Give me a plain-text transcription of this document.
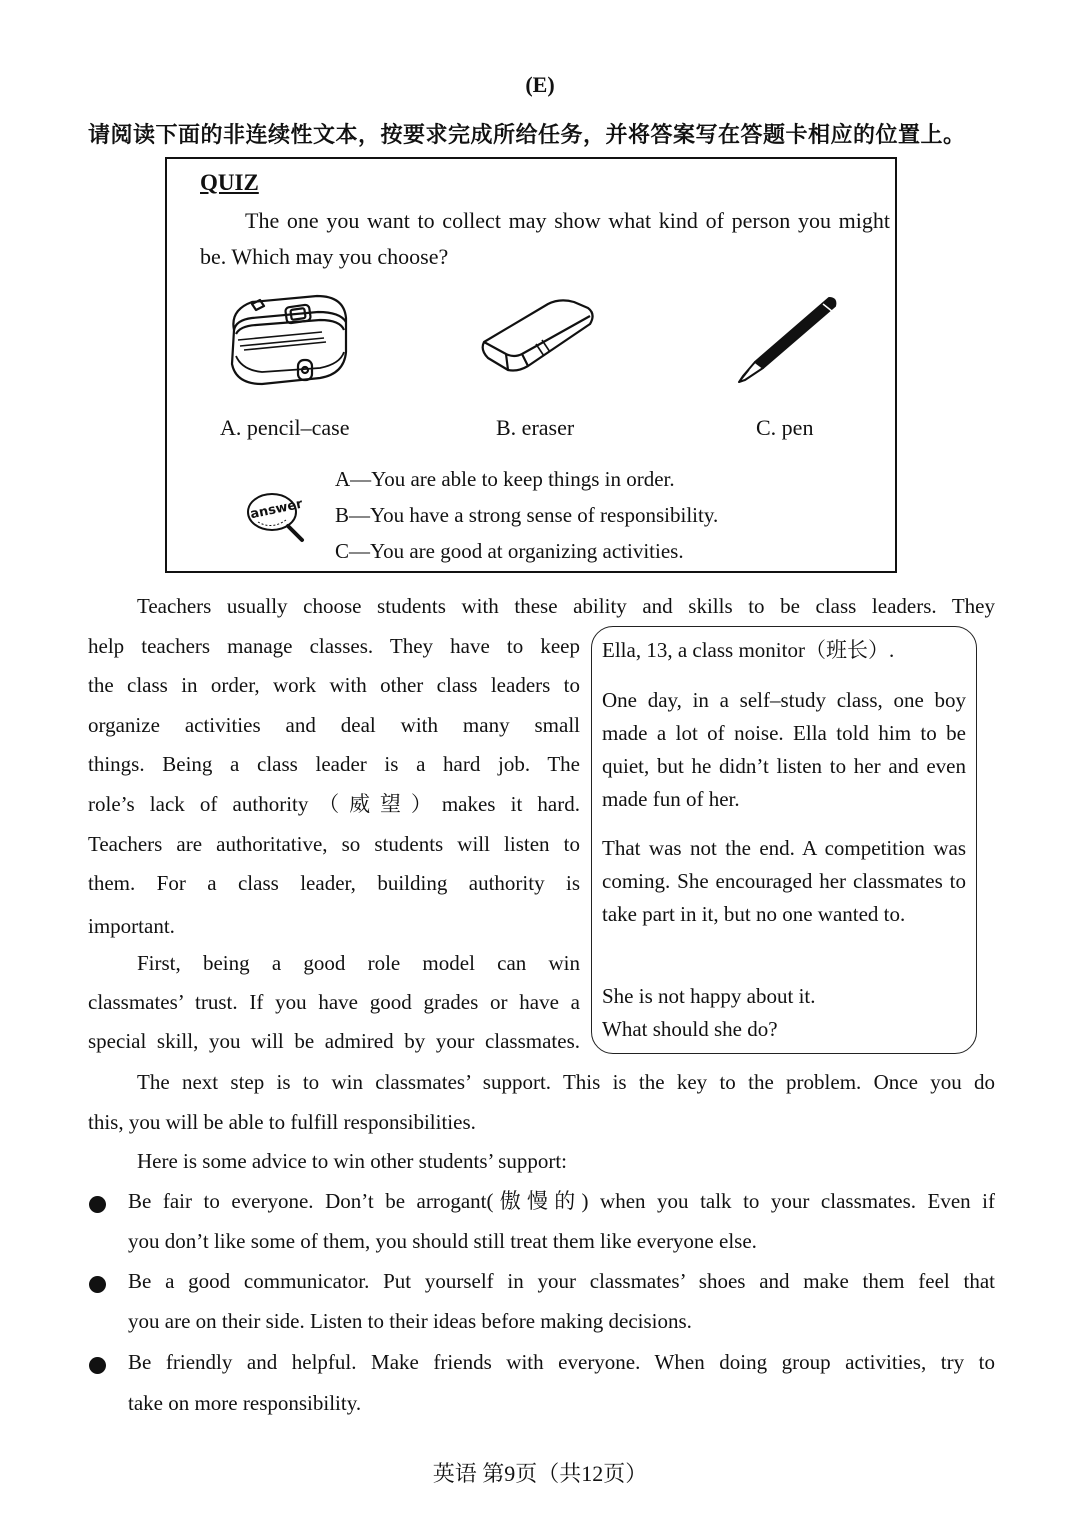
(E)
请阅读下面的非连续性文本，按要求完成所给任务，并将答案写在答题卡相应的位置上。
QUIZ
The one you want to collect may show what kind of person you might be. Which may you choose?
A. pencil–case	B. eraser	C. pen
answer
A—You are able to keep things in order.
B—You have a strong sense of responsibility.
C—You are good at organizing activities.
Teachers usually choose students with these ability and skills to be class leaders. They
help teachers manage classes. They have to keep
the class in order, work with other class leaders to
organize activities and deal with many small
things. Being a class leader is a hard job. The
role’s lack of authority（威望）makes it hard.
Teachers are authoritative, so students will listen to
them. For a class leader, building authority is
important.
First, being a good role model can win
classmates’ trust. If you have good grades or have a
special skill, you will be admired by your classmates.
Ella, 13, a class monitor（班长）.
One day, in a self–study class, one boy made a lot of noise. Ella told him to be quiet, but he didn’t listen to her and even made fun of her.
That was not the end. A competition was coming. She encouraged her classmates to take part in it, but no one wanted to.
She is not happy about it.
What should she do?
The next step is to win classmates’ support. This is the key to the problem. Once you do
this, you will be able to fulfill responsibilities.
Here is some advice to win other students’ support:
Be fair to everyone. Don’t be arrogant(傲慢的) when you talk to your classmates. Even if
you don’t like some of them, you should still treat them like everyone else.
Be a good communicator. Put yourself in your classmates’ shoes and make them feel that
you are on their side. Listen to their ideas before making decisions.
Be friendly and helpful. Make friends with everyone. When doing group activities, try to
take on more responsibility.
英语 第9页（共12页）
